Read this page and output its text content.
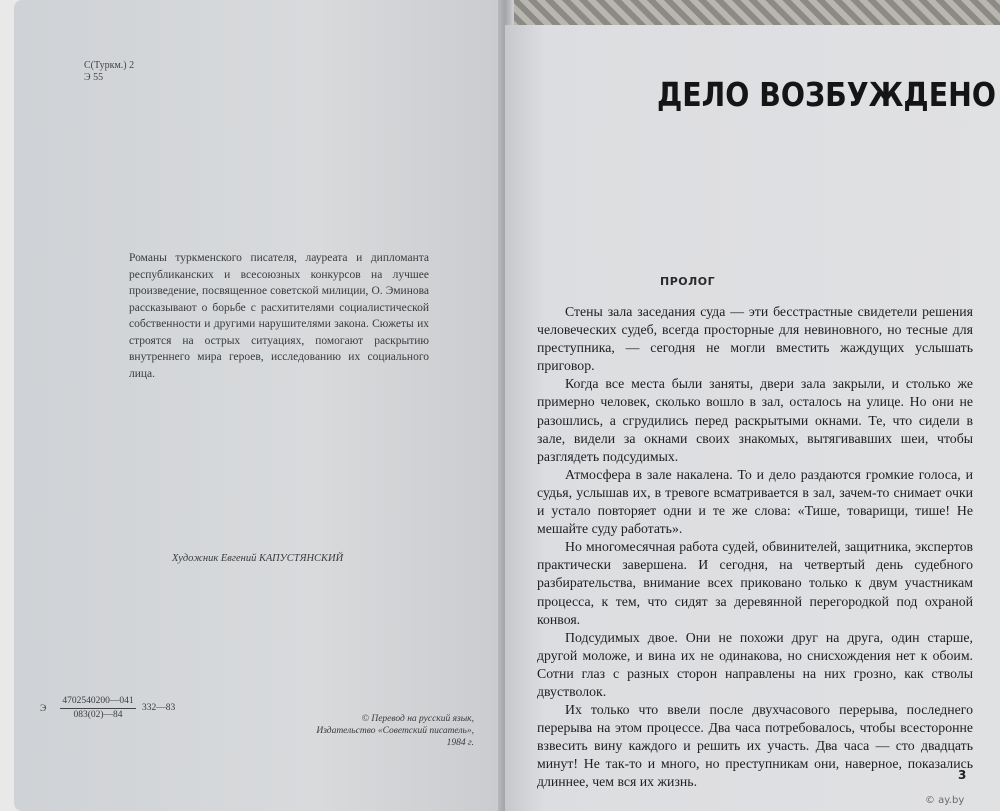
С(Туркм.) 2
Э 55
Романы туркменского писателя, лауреата и дипломанта республиканских и всесоюзных конкурсов на лучшее произведение, посвященное советской милиции, О. Эминова рассказывают о борьбе с расхитителями социалистической собственности и другими нарушителями закона. Сюжеты их строятся на острых ситуациях, помогают раскрытию внутреннего мира героев, исследованию их социального лица.
Художник Евгений КАПУСТЯНСКИЙ
Э $\frac{4702540200—041}{083(02)—84}$ 332—83
© Перевод на русский язык,
Издательство «Советский писатель»,
1984 г.
ДЕЛО ВОЗБУЖДЕНО
ПРОЛОГ

Стены зала заседания суда — эти бесстрастные свидетели решения человеческих судеб, всегда просторные для невиновного, но тесные для преступника, — сегодня не могли вместить жаждущих услышать приговор.

Когда все места были заняты, двери зала закрыли, и столько же примерно человек, сколько вошло в зал, осталось на улице. Но они не разошлись, а сгрудились перед раскрытыми окнами. Те, что сидели в зале, видели за окнами своих знакомых, вытягивавших шеи, чтобы разглядеть подсудимых.

Атмосфера в зале накалена. То и дело раздаются громкие голоса, и судья, услышав их, в тревоге всматривается в зал, зачем-то снимает очки и устало повторяет одни и те же слова: «Тише, товарищи, тише! Не мешайте суду работать».

Но многомесячная работа судей, обвинителей, защитника, экспертов практически завершена. И сегодня, на четвертый день судебного разбирательства, внимание всех приковано только к двум участникам процесса, к тем, что сидят за деревянной перегородкой под охраной конвоя.

Подсудимых двое. Они не похожи друг на друга, один старше, другой моложе, и вина их не одинакова, но снисхождения нет к обоим. Сотни глаз с разных сторон направлены на них грозно, как стволы двустволок.

Их только что ввели после двухчасового перерыва, последнего перерыва на этом процессе. Два часа потребовалось, чтобы всесторонне взвесить вину каждого и решить их участь. Два часа — сто двадцать минут! Не так-то и много, но преступникам они, наверное, показались длиннее, чем вся их жизнь.	3
© ay.by
